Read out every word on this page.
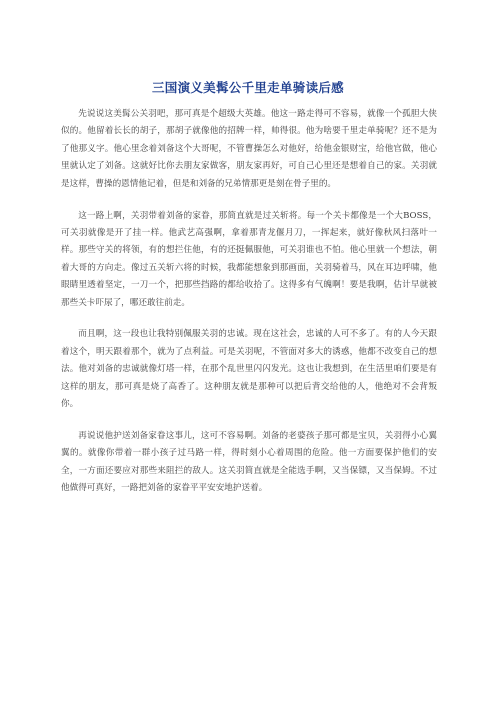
三国演义美髯公千里走单骑读后感

先说说这美髯公关羽吧，那可真是个超级大英雄。他这一路走得可不容易，就像一个孤胆大侠似的。他留着长长的胡子，那胡子就像他的招牌一样，帅得很。他为啥要千里走单骑呢？还不是为了他那义字。他心里念着刘备这个大哥呢，不管曹操怎么对他好，给他金银财宝，给他官做，他心里就认定了刘备。这就好比你去朋友家做客，朋友家再好，可自己心里还是想着自己的家。关羽就是这样，曹操的恩情他记着，但是和刘备的兄弟情那更是刻在骨子里的。

这一路上啊，关羽带着刘备的家眷，那简直就是过关斩将。每一个关卡都像是一个大BOSS，可关羽就像是开了挂一样。他武艺高强啊，拿着那青龙偃月刀，一挥起来，就好像秋风扫落叶一样。那些守关的将领，有的想拦住他，有的还挺佩服他，可关羽谁也不怕。他心里就一个想法，朝着大哥的方向走。像过五关斩六将的时候，我都能想象到那画面，关羽骑着马，风在耳边呼啸，他眼睛里透着坚定，一刀一个，把那些挡路的都给收拾了。这得多有气魄啊！要是我啊，估计早就被那些关卡吓尿了，哪还敢往前走。

而且啊，这一段也让我特别佩服关羽的忠诚。现在这社会，忠诚的人可不多了。有的人今天跟着这个，明天跟着那个，就为了点利益。可是关羽呢，不管面对多大的诱惑，他都不改变自己的想法。他对刘备的忠诚就像灯塔一样，在那个乱世里闪闪发光。这也让我想到，在生活里咱们要是有这样的朋友，那可真是烧了高香了。这种朋友就是那种可以把后背交给他的人，他绝对不会背叛你。

再说说他护送刘备家眷这事儿，这可不容易啊。刘备的老婆孩子那可都是宝贝，关羽得小心翼翼的。就像你带着一群小孩子过马路一样，得时刻小心着周围的危险。他一方面要保护他们的安全，一方面还要应对那些来阻拦的敌人。这关羽简直就是全能选手啊，又当保镖，又当保姆。不过他做得可真好，一路把刘备的家眷平平安安地护送着。
